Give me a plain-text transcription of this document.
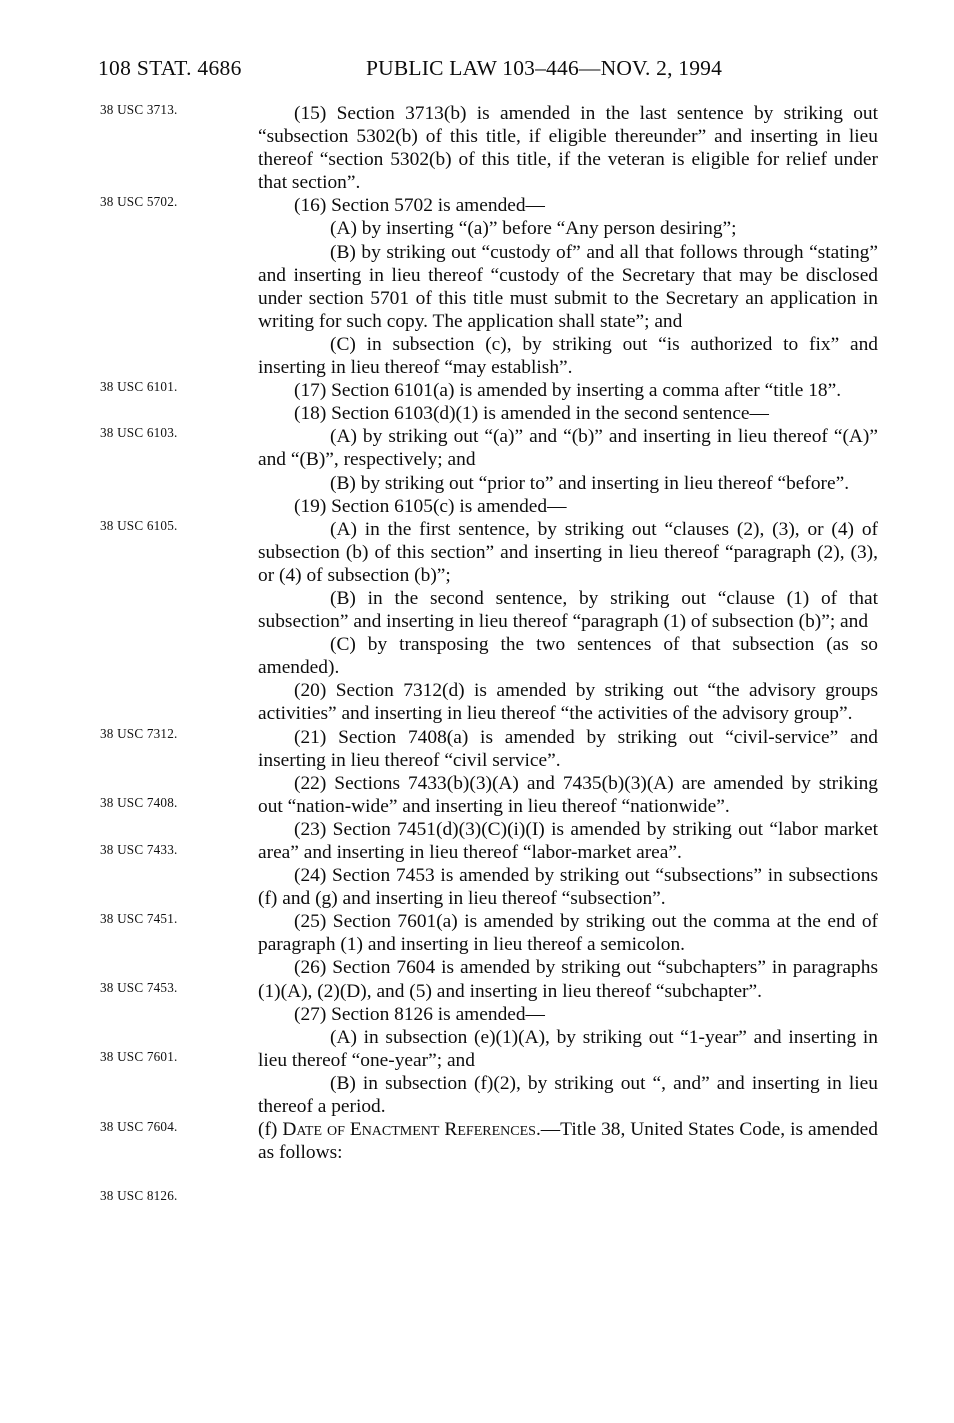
108 STAT. 4686	PUBLIC LAW 103–446—NOV. 2, 1994
38 USC 3713.
38 USC 5702.
38 USC 6101.
38 USC 6103.
38 USC 6105.
38 USC 7312.
38 USC 7408.
38 USC 7433.
38 USC 7451.
38 USC 7453.
38 USC 7601.
38 USC 7604.
38 USC 8126.

(15) Section 3713(b) is amended in the last sentence by striking out “subsection 5302(b) of this title, if eligible thereunder” and inserting in lieu thereof “section 5302(b) of this title, if the veteran is eligible for relief under that section”.

(16) Section 5702 is amended—

(A) by inserting “(a)” before “Any person desiring”;

(B) by striking out “custody of” and all that follows through “stating” and inserting in lieu thereof “custody of the Secretary that may be disclosed under section 5701 of this title must submit to the Secretary an application in writing for such copy. The application shall state”; and

(C) in subsection (c), by striking out “is authorized to fix” and inserting in lieu thereof “may establish”.

(17) Section 6101(a) is amended by inserting a comma after “title 18”.

(18) Section 6103(d)(1) is amended in the second sentence—

(A) by striking out “(a)” and “(b)” and inserting in lieu thereof “(A)” and “(B)”, respectively; and

(B) by striking out “prior to” and inserting in lieu thereof “before”.

(19) Section 6105(c) is amended—

(A) in the first sentence, by striking out “clauses (2), (3), or (4) of subsection (b) of this section” and inserting in lieu thereof “paragraph (2), (3), or (4) of subsection (b)”;

(B) in the second sentence, by striking out “clause (1) of that subsection” and inserting in lieu thereof “paragraph (1) of subsection (b)”; and

(C) by transposing the two sentences of that subsection (as so amended).

(20) Section 7312(d) is amended by striking out “the advisory groups activities” and inserting in lieu thereof “the activities of the advisory group”.

(21) Section 7408(a) is amended by striking out “civil-service” and inserting in lieu thereof “civil service”.

(22) Sections 7433(b)(3)(A) and 7435(b)(3)(A) are amended by striking out “nation-wide” and inserting in lieu thereof “nationwide”.

(23) Section 7451(d)(3)(C)(i)(I) is amended by striking out “labor market area” and inserting in lieu thereof “labor-market area”.

(24) Section 7453 is amended by striking out “subsections” in subsections (f) and (g) and inserting in lieu thereof “subsection”.

(25) Section 7601(a) is amended by striking out the comma at the end of paragraph (1) and inserting in lieu thereof a semicolon.

(26) Section 7604 is amended by striking out “subchapters” in paragraphs (1)(A), (2)(D), and (5) and inserting in lieu thereof “subchapter”.

(27) Section 8126 is amended—

(A) in subsection (e)(1)(A), by striking out “1-year” and inserting in lieu thereof “one-year”; and

(B) in subsection (f)(2), by striking out “, and” and inserting in lieu thereof a period.

(f) Date of Enactment References.—Title 38, United States Code, is amended as follows:
